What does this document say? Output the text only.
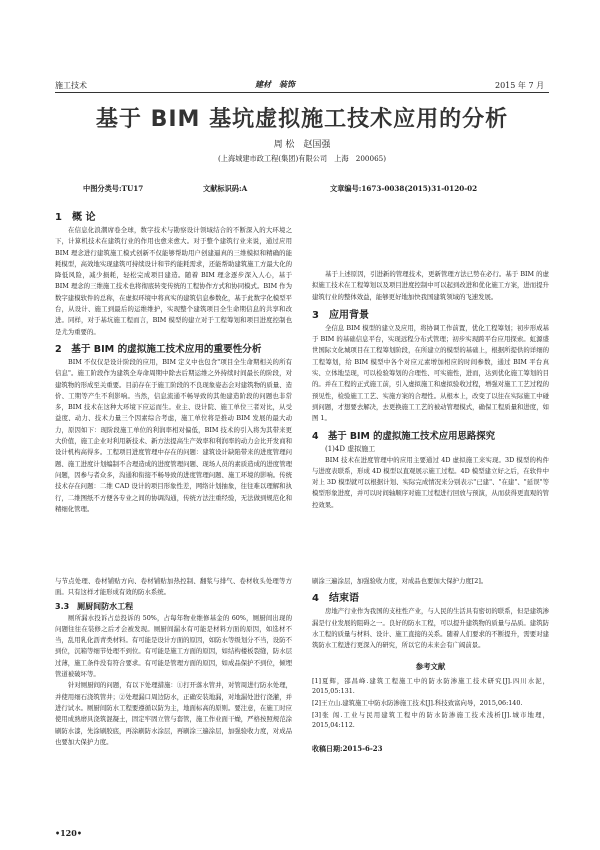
施工技术	建材 装饰	2015 年 7 月
基于 BIM 基坑虚拟施工技术应用的分析
周 松　赵国强
(上海城建市政工程(集团)有限公司　上海　200065)
中图分类号:TU17	文献标识码:A	文章编号:1673-0038(2015)31-0120-02
1　概 论

在信息化浪潮席卷全球，数字技术与勘察设计领域结合的不断深入的大环境之下，计算机技术在建筑行业的作用也愈来愈大。对于整个建筑行业来说，通过应用 BIM 理念进行建筑施工模式创新不仅能够帮助用户创建逼真的三维模拟和精确的能耗模型，高效地实现建筑可持续设计和节约能耗需求，还能帮助建筑施工方最大化的降低风险，减少损耗，轻松完成项目建造。随着 BIM 理念逐步深入人心，基于 BIM 理念的三维施工技术也将彻底转变传统的工程协作方式和协同模式。BIM 作为数字建模软件的总称，在虚拟环境中将真实的建筑信息参数化，基于此数字化模型平台，从设计、施工到最后的运维维护，实现整个建筑项目全生命期信息的共享和改进。同样，对于基坑施工程而言，BIM 模型的建立对于工程筹划和项目进度控制也是尤为重要的。

2　基于 BIM 的虚拟施工技术应用的重要性分析

BIM 不仅仅是设计阶段的应用，BIM 定义中也包含"项目全生命期相关的所有信息"。施工阶段作为建筑全寿命周期中除去后期运维之外持续时间最长的阶段，对建筑物的形成至关重要。目前存在于施工阶段的不良现象姿态会对建筑物的质量、造价、工期等产生不利影响。当然，信息流通不畅导致的其他建造阶段的问题也非常多，BIM 技术在这种大环境下应运而生。业主、设计院、施工单位三者对比，从受益度、动力、技术力量三个因素综合考虑，施工单位将是推动 BIM 发展的最大动力，原因如下：现阶段施工单位的利润率相对偏低，BIM 技术的引入将为其带来更大价值，施工企业对利用新技术、新方法提高生产效率和利润率的动力会比开发商和设计机构高得多。工程项目进度管理中存在的问题：建筑设计缺陷带来的进度管理问题、施工进度计划编制不合理造成的进度管理问题、现场人员的素质造成的进度管理问题，因参与者众多，沟通和衔接不畅导致的进度管理问题、施工环境的影响。传统技术存在问题：二维 CAD 设计的项目形象性差，网络计划抽象，往往难以理解和执行，二维图纸不方便各专业之间的协调沟通，传统方法注重经验，无法做到规范化和精细化管理。

基于上述原因，引进新的管理技术，更新管理方法已势在必行。基于 BIM 的虚拟施工技术在工程筹划以及项目进度控制中可以起到改进和优化施工方案，进而提升建筑行业的整体效益，能够更好地加快我国建筑领域的飞速发展。

3　应用背景

全信息 BIM 模型的建立及应用，将协调工作前置，优化工程筹划；初步形成基于 BIM 的基础信息平台，实现远程分布式管理；初步实现跨平台应用探索。虹源盛世国际文化城项目在工程筹划阶段，在所建立的模型的基础上，根据所提供的详细的工程筹划，给 BIM 模型中各个对应元素增加相应的时间参数，通过 BIM 平台真实、立体地呈现，可以检验筹划的合理性、可实施性，进而，达到优化施工筹划的目的。并在工程的正式施工前，引入虚拟施工和虚拟验收过程，增强对施工工艺过程的预见性，检验施工工艺、实施方案的合理性。从根本上，改变了以往在实际施工中碰到问题，才想要去解决，去更换施工工艺的被动管理模式，确保工程质量和进度，如图 1。

4　基于 BIM 的虚拟施工技术应用思路探究
(1)4D 虚拟施工

BIM 技术在进度管理中的应用主要通过 4D 虚拟施工来实现。3D 模型的构件与进度表联系，形成 4D 模型以直观展示施工过程。4D 模型建立好之后，在软件中对上 3D 模型就可以根据计划、实际完成情况来分别表示"已建"、"在建"、"延误"等模型形象进度，并可以时间轴顺序对施工过程进行回放与预演，从而获得更直观的管控效果。

与节点处理、卷材铺贴方向、卷材铺贴加热控制、翻浆与排气、卷材收头处理等方面。只有这样才能形成有效的防水系统。

3.3　厕厨间防水工程

厕所漏水投诉占总投诉的 50%，占每年物业维修基金的 60%，厕厨间出现的问题往往在装修之后才会被发现。厕厨间漏水有可能是材料方面的原因，如选材不当，乱用乳化沥青类材料。有可能是设计方面的原因，如防水等级划分不当，设防不到位，沉箱等细节处理不到位。有可能是施工方面的原因，如结构楼板裂缝，防水层过薄，施工条件没有符合要求。有可能是管理方面的原因，如成品保护不到位，倾埋管道被破坏等。

针对厕厨间的问题，有以下处理措施：①打开落水管并，对管周进行防水处理，并使用细石浇筑管井；②处理漏口周边防水，正确安装地漏，对地漏处进行浇灌，并进行试水。厕厨间防水工程要遵循以防为主，地面标高的原则。要注意，在施工时应使用成熟磨具浇筑混凝土，固定牢固立管与套管，施工作业面干燥，严格按照规范涂刷防水漆，先涂刷胶底，再涂刷防水涂层，再刷涂三遍涂层，加强验收力度，对成品也要加大保护力度。

刷涂三遍涂层，加强验收力度，对成品也要加大保护力度[2]。

4　结束语

房地产行业作为我国的支柱性产业，与人民的生活具有密切的联系，但是建筑渗漏是行业发展的阻碍之一。良好的防水工程，可以提升建筑物的质量与品质。建筑防水工程的质量与材料、设计、施工直接的关系。随着人们要求的不断提升，需要对建筑防水工程进行更深入的研究，所以它的未来会有广阔前景。

参考文献
[1]夏辉，邵昌峰.建筑工程施工中的防水防渗施工技术研究[J].四川水泥，2015,05:131.
[2]王立山.建筑施工中防水防渗施工技术[J].科技致富向导，2015,06:140.
[3]张 闯.工业与民用建筑工程中的防水防渗施工技术浅析[J].城市地理，2015,04:112.
收稿日期:2015-6-23
•120•
